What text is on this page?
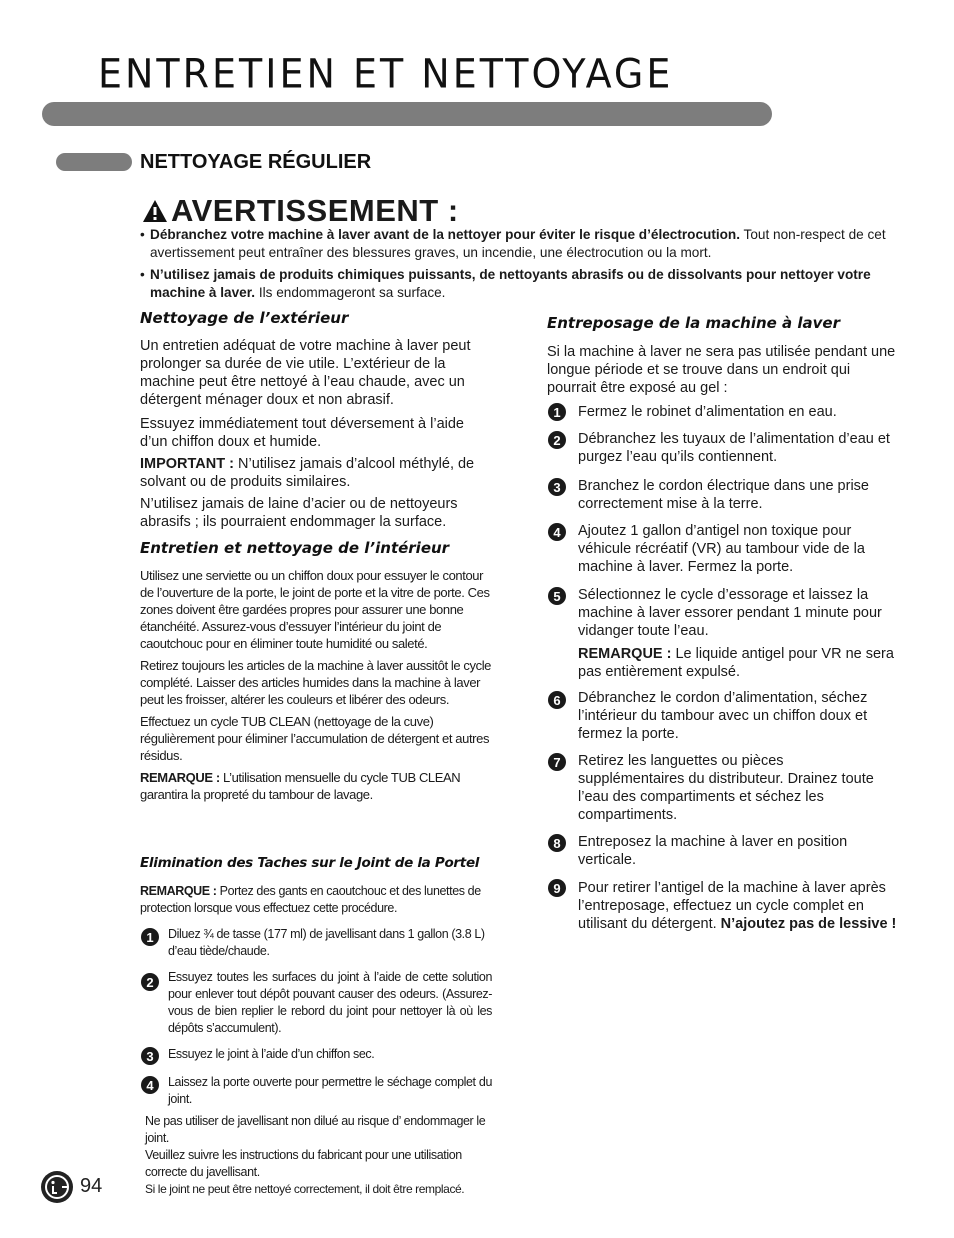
ENTRETIEN ET NETTOYAGE
NETTOYAGE RÉGULIER
AVERTISSEMENT :
• Débranchez votre machine à laver avant de la nettoyer pour éviter le risque d’électrocution. Tout non-respect de cet avertissement peut entraîner des blessures graves, un incendie, une électrocution ou la mort.
• N’utilisez jamais de produits chimiques puissants, de nettoyants abrasifs ou de dissolvants pour nettoyer votre machine à laver. Ils endommageront sa surface.
Nettoyage de l’extérieur

Un entretien adéquat de votre machine à laver peut prolonger sa durée de vie utile. L’extérieur de la machine peut être nettoyé à l’eau chaude, avec un détergent ménager doux et non abrasif.

Essuyez immédiatement tout déversement à l’aide d’un chiffon doux et humide.

IMPORTANT : N’utilisez jamais d’alcool méthylé, de solvant ou de produits similaires.

N’utilisez jamais de laine d’acier ou de nettoyeurs abrasifs ; ils pourraient endommager la surface.

Entretien et nettoyage de l’intérieur

Utilisez une serviette ou un chiffon doux pour essuyer le contour de l’ouverture de la porte, le joint de porte et la vitre de porte. Ces zones doivent être gardées propres pour assurer une bonne étanchéité. Assurez-vous d’essuyer l’intérieur du joint de caoutchouc pour en éliminer toute humidité ou saleté.

Retirez toujours les articles de la machine à laver aussitôt le cycle complété. Laisser des articles humides dans la machine à laver peut les froisser, altérer les couleurs et libérer des odeurs.

Effectuez un cycle TUB CLEAN (nettoyage de la cuve) régulièrement pour éliminer l’accumulation de détergent et autres résidus.

REMARQUE : L’utilisation mensuelle du cycle TUB CLEAN garantira la propreté du tambour de lavage.

Elimination des Taches sur le Joint de la Portel

REMARQUE : Portez des gants en caoutchouc et des lunettes de protection lorsque vous effectuez cette procédure.

1	Diluez ¾ de tasse (177 ml) de javellisant dans 1 gallon (3.8 L) d’eau tiède/chaude.

2	Essuyez toutes les surfaces du joint à l’aide de cette solution pour enlever tout dépôt pouvant causer des odeurs. (Assurez-vous de bien replier le rebord du joint pour nettoyer là où les dépôts s’accumulent).

3	Essuyez le joint à l’aide d’un chiffon sec.

4	Laissez la porte ouverte pour permettre le séchage complet du joint.

Ne pas utiliser de javellisant non dilué au risque d’ endommager le joint.

Veuillez suivre les instructions du fabricant pour une utilisation correcte du javellisant.

Si le joint ne peut être nettoyé correctement, il doit être remplacé.

Entreposage de la machine à laver

Si la machine à laver ne sera pas utilisée pendant une longue période et se trouve dans un endroit qui pourrait être exposé au gel :

1	Fermez le robinet d’alimentation en eau.

2	Débranchez les tuyaux de l’alimentation d’eau et purgez l’eau qu’ils contiennent.

3	Branchez le cordon électrique dans une prise correctement mise à la terre.

4	Ajoutez 1 gallon d’antigel non toxique pour véhicule récréatif (VR) au tambour vide de la machine à laver. Fermez la porte.

5	Sélectionnez le cycle d’essorage et laissez la machine à laver essorer pendant 1 minute pour vidanger toute l’eau.

REMARQUE : Le liquide antigel pour VR ne sera pas entièrement expulsé.

6	Débranchez le cordon d’alimentation, séchez l’intérieur du tambour avec un chiffon doux et fermez la porte.

7	Retirez les languettes ou pièces supplémentaires du distributeur. Drainez toute l’eau des compartiments et séchez les compartiments.

8	Entreposez la machine à laver en position verticale.

9	Pour retirer l’antigel de la machine à laver après l’entreposage, effectuez un cycle complet en utilisant du détergent. N’ajoutez pas de lessive !

94
